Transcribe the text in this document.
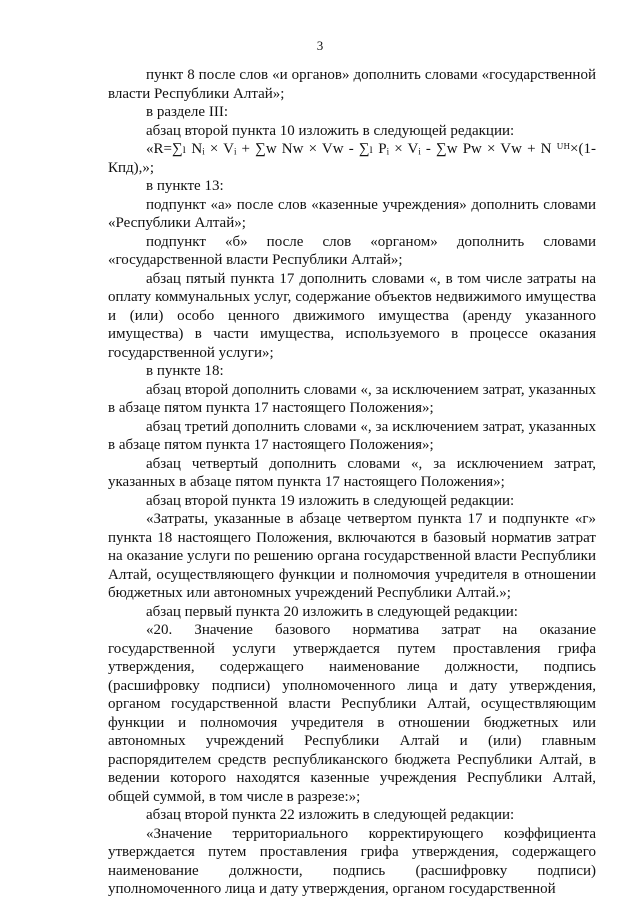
3

пункт 8 после слов «и органов» дополнить словами «государственной власти Республики Алтай»;

в разделе III:

абзац второй пункта 10 изложить в следующей редакции:

«R=∑ₗ Nᵢ × Vᵢ + ∑w Nw × Vw - ∑ₗ Pᵢ × Vᵢ - ∑w Pw × Vw + N ᵁᴴ×(1-Кпд),»;

в пункте 13:

подпункт «а» после слов «казенные учреждения» дополнить словами «Республики Алтай»;

подпункт «б» после слов «органом» дополнить словами «государственной власти Республики Алтай»;

абзац пятый пункта 17 дополнить словами «, в том числе затраты на оплату коммунальных услуг, содержание объектов недвижимого имущества и (или) особо ценного движимого имущества (аренду указанного имущества) в части имущества, используемого в процессе оказания государственной услуги»;

в пункте 18:

абзац второй дополнить словами «, за исключением затрат, указанных в абзаце пятом пункта 17 настоящего Положения»;

абзац третий дополнить словами «, за исключением затрат, указанных в абзаце пятом пункта 17 настоящего Положения»;

абзац четвертый дополнить словами «, за исключением затрат, указанных в абзаце пятом пункта 17 настоящего Положения»;

абзац второй пункта 19 изложить в следующей редакции:

«Затраты, указанные в абзаце четвертом пункта 17 и подпункте «г» пункта 18 настоящего Положения, включаются в базовый норматив затрат на оказание услуги по решению органа государственной власти Республики Алтай, осуществляющего функции и полномочия учредителя в отношении бюджетных или автономных учреждений Республики Алтай.»;

абзац первый пункта 20 изложить в следующей редакции:

«20. Значение базового норматива затрат на оказание государственной услуги утверждается путем проставления грифа утверждения, содержащего наименование должности, подпись (расшифровку подписи) уполномоченного лица и дату утверждения, органом государственной власти Республики Алтай, осуществляющим функции и полномочия учредителя в отношении бюджетных или автономных учреждений Республики Алтай и (или) главным распорядителем средств республиканского бюджета Республики Алтай, в ведении которого находятся казенные учреждения Республики Алтай, общей суммой, в том числе в разрезе:»;

абзац второй пункта 22 изложить в следующей редакции:

«Значение территориального корректирующего коэффициента утверждается путем проставления грифа утверждения, содержащего наименование должности, подпись (расшифровку подписи) уполномоченного лица и дату утверждения, органом государственной
